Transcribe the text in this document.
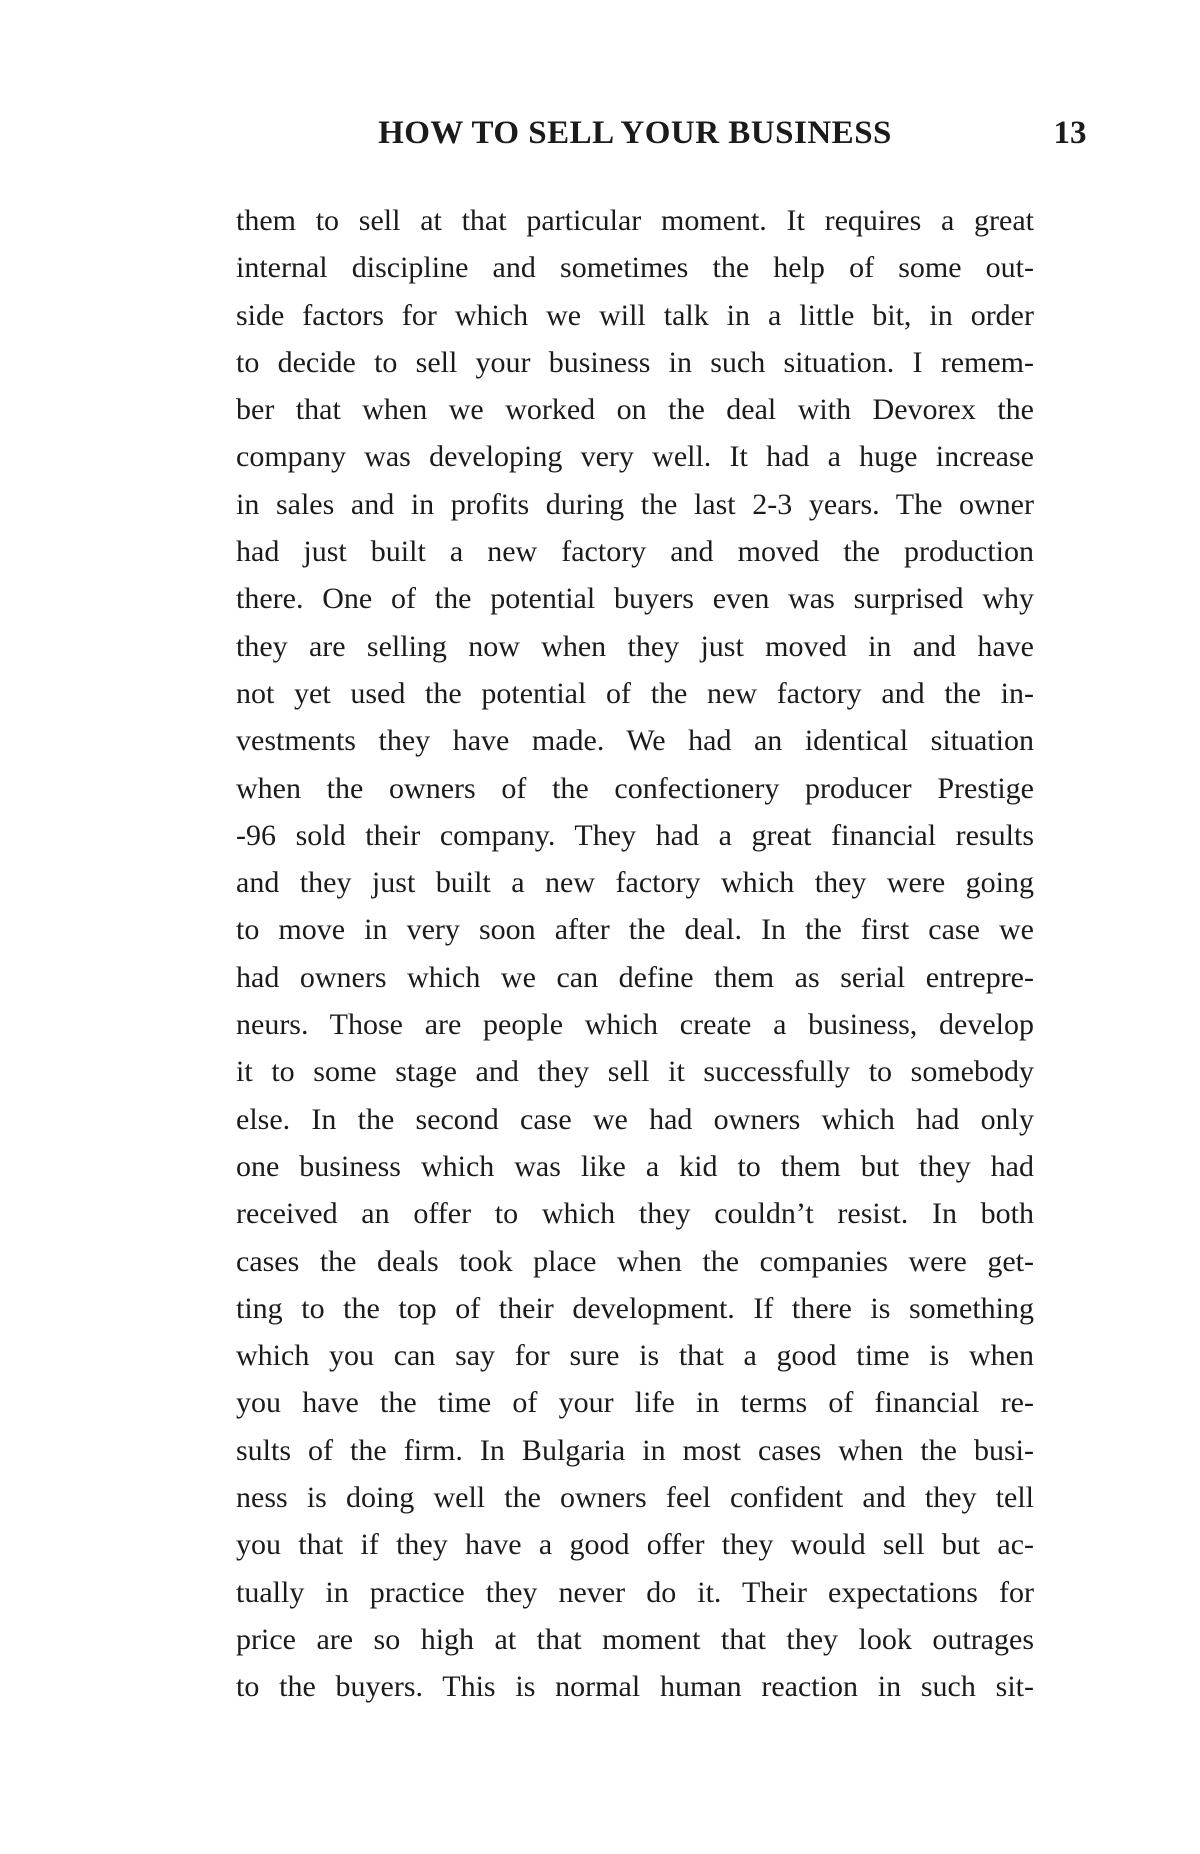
HOW TO SELL YOUR BUSINESS	13
them to sell at that particular moment. It requires a great
internal discipline and sometimes the help of some out-
side factors for which we will talk in a little bit, in order
to decide to sell your business in such situation. I remem-
ber that when we worked on the deal with Devorex the
company was developing very well. It had a huge increase
in sales and in profits during the last 2-3 years. The owner
had just built a new factory and moved the production
there. One of the potential buyers even was surprised why
they are selling now when they just moved in and have
not yet used the potential of the new factory and the in-
vestments they have made. We had an identical situation
when the owners of the confectionery producer Prestige
-96 sold their company. They had a great financial results
and they just built a new factory which they were going
to move in very soon after the deal. In the first case we
had owners which we can define them as serial entrepre-
neurs. Those are people which create a business, develop
it to some stage and they sell it successfully to somebody
else. In the second case we had owners which had only
one business which was like a kid to them but they had
received an offer to which they couldn’t resist. In both
cases the deals took place when the companies were get-
ting to the top of their development. If there is something
which you can say for sure is that a good time is when
you have the time of your life in terms of financial re-
sults of the firm. In Bulgaria in most cases when the busi-
ness is doing well the owners feel confident and they tell
you that if they have a good offer they would sell but ac-
tually in practice they never do it. Their expectations for
price are so high at that moment that they look outrages
to the buyers. This is normal human reaction in such sit-
